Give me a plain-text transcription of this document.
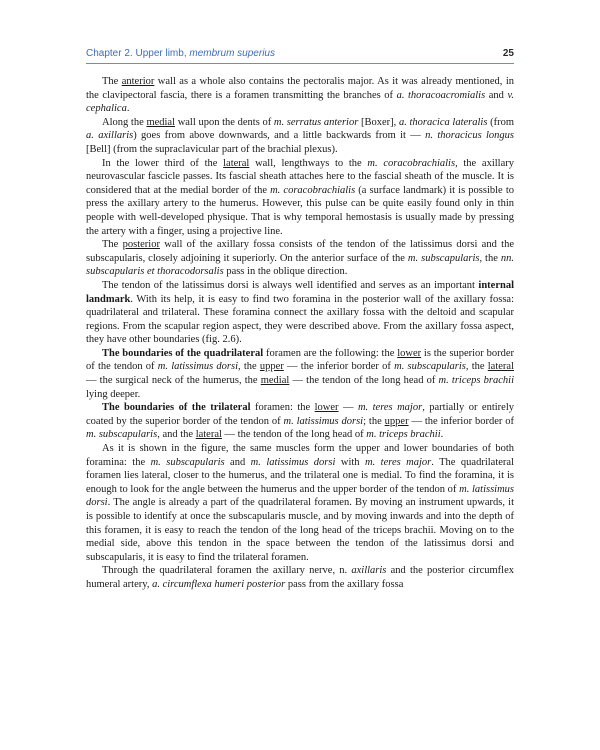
Chapter 2. Upper limb, membrum superius	25

The anterior wall as a whole also contains the pectoralis major. As it was already mentioned, in the clavipectoral fascia, there is a foramen transmitting the branches of a. thoracoacromialis and v. cephalica.

Along the medial wall upon the dents of m. serratus anterior [Boxer], a. thoracica lateralis (from a. axillaris) goes from above downwards, and a little backwards from it — n. thoracicus longus [Bell] (from the supraclavicular part of the brachial plexus).

In the lower third of the lateral wall, lengthways to the m. coracobrachialis, the axillary neurovascular fascicle passes. Its fascial sheath attaches here to the fascial sheath of the muscle. It is considered that at the medial border of the m. coracobrachialis (a surface landmark) it is possible to press the axillary artery to the humerus. However, this pulse can be quite easily found only in thin people with well-developed physique. That is why temporal hemostasis is usually made by pressing the artery with a finger, using a projective line.

The posterior wall of the axillary fossa consists of the tendon of the latissimus dorsi and the subscapularis, closely adjoining it superiorly. On the anterior surface of the m. subscapularis, the nn. subscapularis et thoracodorsalis pass in the oblique direction.

The tendon of the latissimus dorsi is always well identified and serves as an important internal landmark. With its help, it is easy to find two foramina in the posterior wall of the axillary fossa: quadrilateral and trilateral. These foramina connect the axillary fossa with the deltoid and scapular regions. From the scapular region aspect, they were described above. From the axillary fossa aspect, they have other boundaries (fig. 2.6).

The boundaries of the quadrilateral foramen are the following: the lower is the superior border of the tendon of m. latissimus dorsi, the upper — the inferior border of m. subscapularis, the lateral — the surgical neck of the humerus, the medial — the tendon of the long head of m. triceps brachii lying deeper.

The boundaries of the trilateral foramen: the lower — m. teres major, partially or entirely coated by the superior border of the tendon of m. latissimus dorsi; the upper — the inferior border of m. subscapularis, and the lateral — the tendon of the long head of m. triceps brachii.

As it is shown in the figure, the same muscles form the upper and lower boundaries of both foramina: the m. subscapularis and m. latissimus dorsi with m. teres major. The quadrilateral foramen lies lateral, closer to the humerus, and the trilateral one is medial. To find the foramina, it is enough to look for the angle between the humerus and the upper border of the tendon of m. latissimus dorsi. The angle is already a part of the quadrilateral foramen. By moving an instrument upwards, it is possible to identify at once the subscapularis muscle, and by moving inwards and into the depth of this foramen, it is easy to reach the tendon of the long head of the triceps brachii. Moving on to the medial side, above this tendon in the space between the tendon of the latissimus dorsi and subscapularis, it is easy to find the trilateral foramen.

Through the quadrilateral foramen the axillary nerve, n. axillaris and the posterior circumflex humeral artery, a. circumflexa humeri posterior pass from the axillary fossa
